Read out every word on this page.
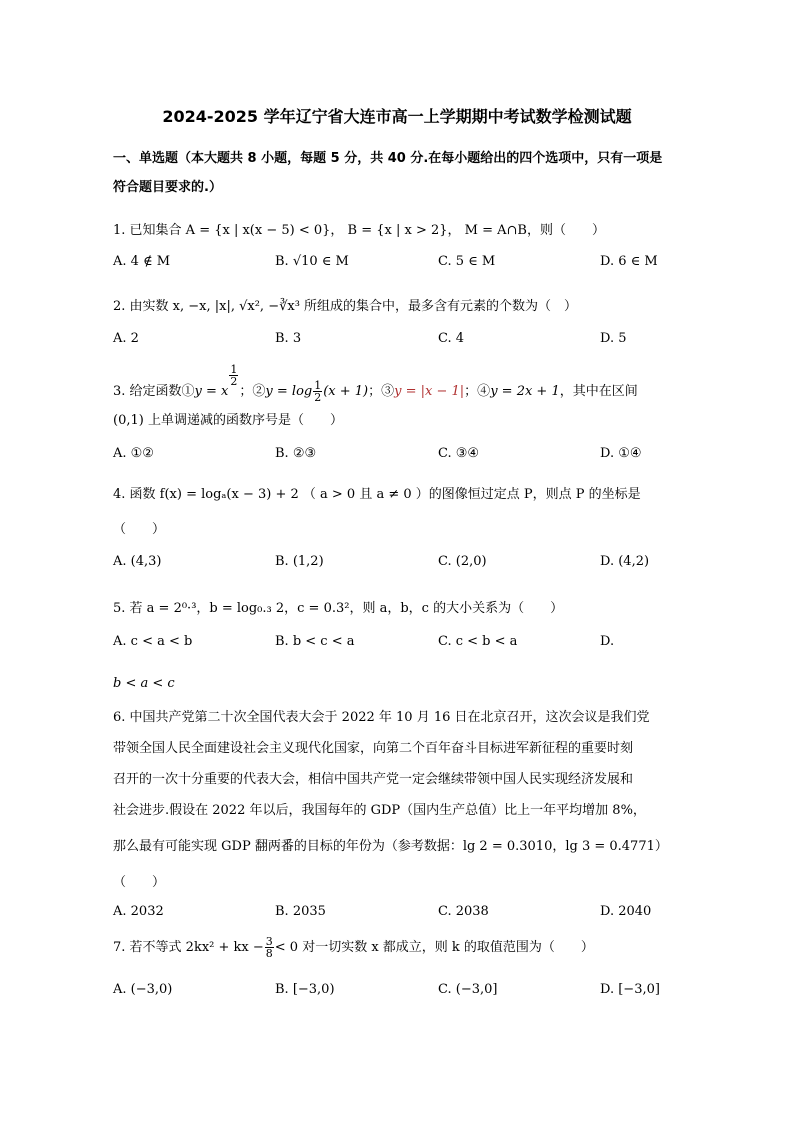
2024-2025 学年辽宁省大连市高一上学期期中考试数学检测试题
一、单选题（本大题共 8 小题，每题 5 分，共 40 分.在每小题给出的四个选项中，只有一项是
符合题目要求的.）
1. 已知集合 A = {x | x(x − 5) < 0}， B = {x | x > 2}， M = A∩B，则（　　）
A. 4 ∉ M	B. √10 ∈ M	C. 5 ∈ M	D. 6 ∈ M
2. 由实数 x, −x, |x|, √x², −∛x³ 所组成的集合中，最多含有元素的个数为（　）
A. 2	B. 3	C. 4	D. 5
3. 给定函数①y = x
$\frac{1}{2}$
；②y = $\log \frac{1}{2} (x + 1)$；③y = |x − 1|；④y = 2x + 1，其中在区间
(0,1) 上单调递减的函数序号是（　　）
A. ①②	B. ②③	C. ③④	D. ①④
4. 函数 f(x) = logₐ(x − 3) + 2 （ a > 0 且 a ≠ 0 ）的图像恒过定点 P，则点 P 的坐标是
（　　）
A. (4,3)	B. (1,2)	C. (2,0)	D. (4,2)
5. 若 a = 2⁰·³，b = log₀.₃ 2，c = 0.3²，则 a，b，c 的大小关系为（　　）
A. c < a < b	B. b < c < a	C. c < b < a	D.
b < a < c
6. 中国共产党第二十次全国代表大会于 2022 年 10 月 16 日在北京召开，这次会议是我们党
带领全国人民全面建设社会主义现代化国家，向第二个百年奋斗目标进军新征程的重要时刻
召开的一次十分重要的代表大会，相信中国共产党一定会继续带领中国人民实现经济发展和
社会进步.假设在 2022 年以后，我国每年的 GDP（国内生产总值）比上一年平均增加 8%，
那么最有可能实现 GDP 翻两番的目标的年份为（参考数据：lg 2 = 0.3010，lg 3 = 0.4771）
（　　）
A. 2032	B. 2035	C. 2038	D. 2040
7. 若不等式 2kx² + kx − $\frac{3}{8} < 0$ 对一切实数 x 都成立，则 k 的取值范围为（　　）
A. (−3,0)	B. [−3,0)	C. (−3,0]	D. [−3,0]
